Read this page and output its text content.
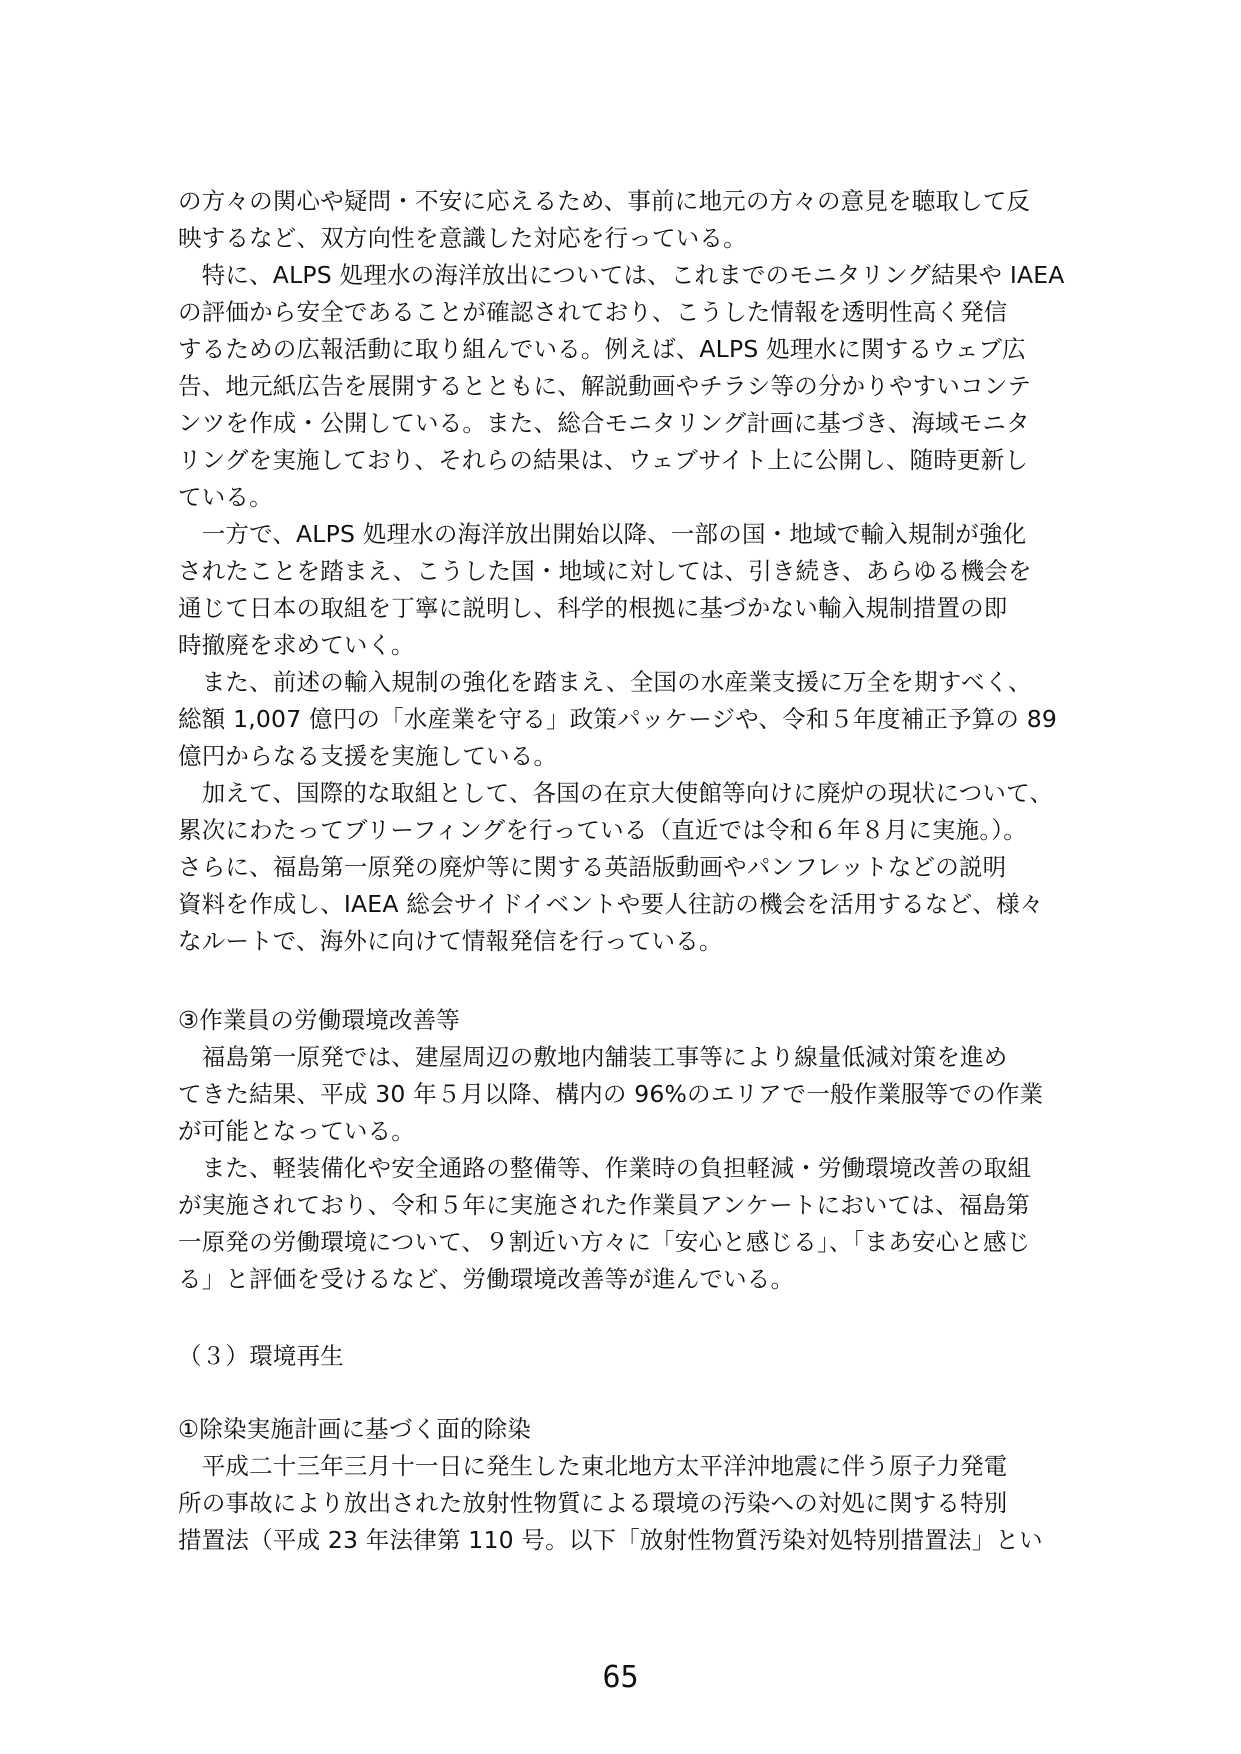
の方々の関心や疑問・不安に応えるため、事前に地元の方々の意見を聴取して反
映するなど、双方向性を意識した対応を行っている。
　特に、ALPS 処理水の海洋放出については、これまでのモニタリング結果や IAEA
の評価から安全であることが確認されており、こうした情報を透明性高く発信
するための広報活動に取り組んでいる。例えば、ALPS 処理水に関するウェブ広
告、地元紙広告を展開するとともに、解説動画やチラシ等の分かりやすいコンテ
ンツを作成・公開している。また、総合モニタリング計画に基づき、海域モニタ
リングを実施しており、それらの結果は、ウェブサイト上に公開し、随時更新し
ている。
　一方で、ALPS 処理水の海洋放出開始以降、一部の国・地域で輸入規制が強化
されたことを踏まえ、こうした国・地域に対しては、引き続き、あらゆる機会を
通じて日本の取組を丁寧に説明し、科学的根拠に基づかない輸入規制措置の即
時撤廃を求めていく。
　また、前述の輸入規制の強化を踏まえ、全国の水産業支援に万全を期すべく、
総額 1,007 億円の「水産業を守る」政策パッケージや、令和５年度補正予算の 89
億円からなる支援を実施している。
　加えて、国際的な取組として、各国の在京大使館等向けに廃炉の現状について、
累次にわたってブリーフィングを行っている（直近では令和６年８月に実施。）。
さらに、福島第一原発の廃炉等に関する英語版動画やパンフレットなどの説明
資料を作成し、IAEA 総会サイドイベントや要人往訪の機会を活用するなど、様々
なルートで、海外に向けて情報発信を行っている。
③作業員の労働環境改善等
　福島第一原発では、建屋周辺の敷地内舗装工事等により線量低減対策を進め
てきた結果、平成 30 年５月以降、構内の 96%のエリアで一般作業服等での作業
が可能となっている。
　また、軽装備化や安全通路の整備等、作業時の負担軽減・労働環境改善の取組
が実施されており、令和５年に実施された作業員アンケートにおいては、福島第
一原発の労働環境について、９割近い方々に「安心と感じる」、「まあ安心と感じ
る」と評価を受けるなど、労働環境改善等が進んでいる。
（３）環境再生
①除染実施計画に基づく面的除染
　平成二十三年三月十一日に発生した東北地方太平洋沖地震に伴う原子力発電
所の事故により放出された放射性物質による環境の汚染への対処に関する特別
措置法（平成 23 年法律第 110 号。以下「放射性物質汚染対処特別措置法」とい
65
